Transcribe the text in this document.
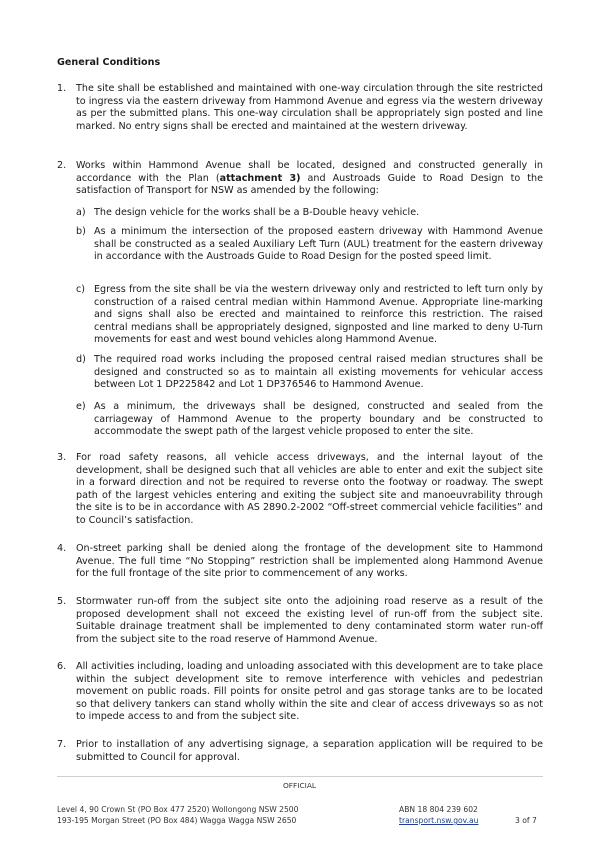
General Conditions
1.	The site shall be established and maintained with one-way circulation through the site restricted to ingress via the eastern driveway from Hammond Avenue and egress via the western driveway as per the submitted plans. This one-way circulation shall be appropriately sign posted and line marked. No entry signs shall be erected and maintained at the western driveway.
2.	Works within Hammond Avenue shall be located, designed and constructed generally in accordance with the Plan (attachment 3) and Austroads Guide to Road Design to the satisfaction of Transport for NSW as amended by the following:
a) The design vehicle for the works shall be a B-Double heavy vehicle.
b) As a minimum the intersection of the proposed eastern driveway with Hammond Avenue shall be constructed as a sealed Auxiliary Left Turn (AUL) treatment for the eastern driveway in accordance with the Austroads Guide to Road Design for the posted speed limit.
c) Egress from the site shall be via the western driveway only and restricted to left turn only by construction of a raised central median within Hammond Avenue. Appropriate line-marking and signs shall also be erected and maintained to reinforce this restriction. The raised central medians shall be appropriately designed, signposted and line marked to deny U-Turn movements for east and west bound vehicles along Hammond Avenue.
d) The required road works including the proposed central raised median structures shall be designed and constructed so as to maintain all existing movements for vehicular access between Lot 1 DP225842 and Lot 1 DP376546 to Hammond Avenue.
e) As a minimum, the driveways shall be designed, constructed and sealed from the carriageway of Hammond Avenue to the property boundary and be constructed to accommodate the swept path of the largest vehicle proposed to enter the site.
3.	For road safety reasons, all vehicle access driveways, and the internal layout of the development, shall be designed such that all vehicles are able to enter and exit the subject site in a forward direction and not be required to reverse onto the footway or roadway. The swept path of the largest vehicles entering and exiting the subject site and manoeuvrability through the site is to be in accordance with AS 2890.2-2002 “Off-street commercial vehicle facilities” and to Council’s satisfaction.
4.	On-street parking shall be denied along the frontage of the development site to Hammond Avenue. The full time “No Stopping” restriction shall be implemented along Hammond Avenue for the full frontage of the site prior to commencement of any works.
5.	Stormwater run-off from the subject site onto the adjoining road reserve as a result of the proposed development shall not exceed the existing level of run-off from the subject site. Suitable drainage treatment shall be implemented to deny contaminated storm water run-off from the subject site to the road reserve of Hammond Avenue.
6.	All activities including, loading and unloading associated with this development are to take place within the subject development site to remove interference with vehicles and pedestrian movement on public roads. Fill points for onsite petrol and gas storage tanks are to be located so that delivery tankers can stand wholly within the site and clear of access driveways so as not to impede access to and from the subject site.
7.	Prior to installation of any advertising signage, a separation application will be required to be submitted to Council for approval.
OFFICIAL
Level 4, 90 Crown St (PO Box 477 2520) Wollongong NSW 2500
193-195 Morgan Street (PO Box 484) Wagga Wagga NSW 2650
ABN 18 804 239 602
transport.nsw.gov.au	3 of 7
